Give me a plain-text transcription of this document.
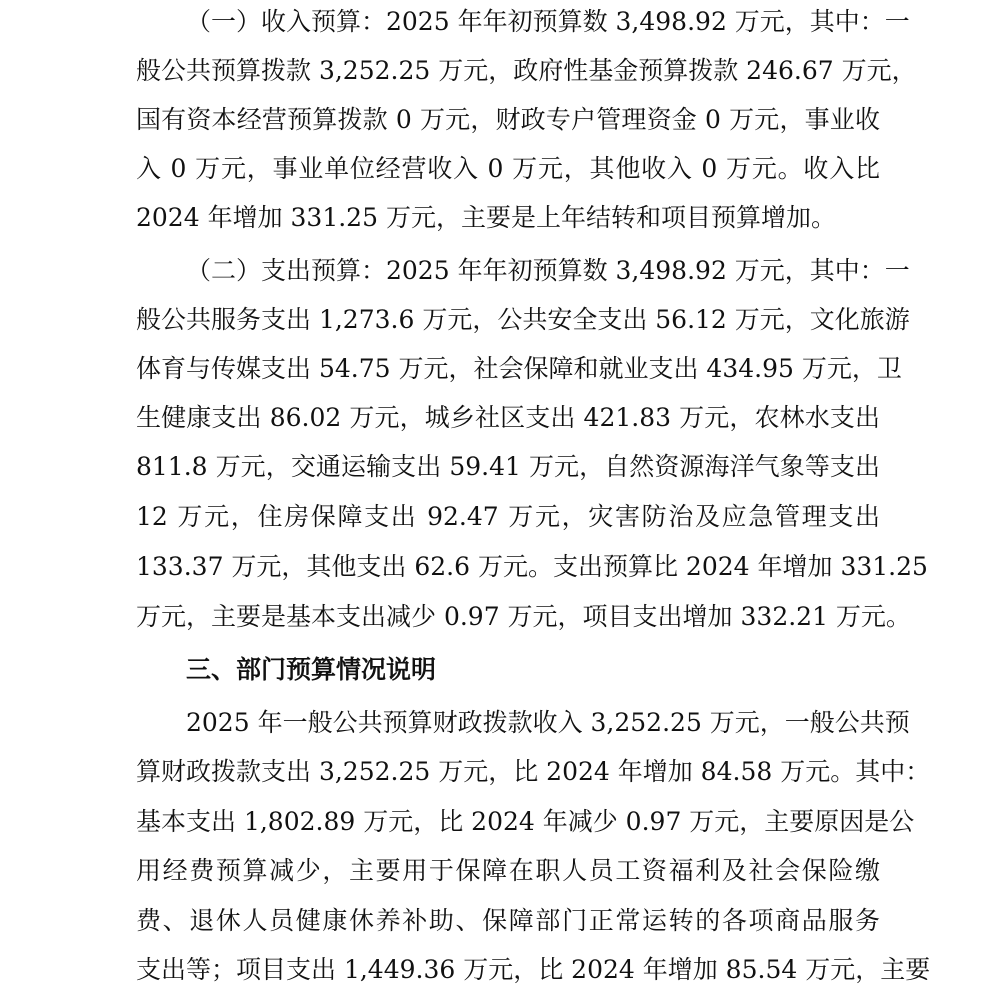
（一）收入预算：2025 年年初预算数 3,498.92 万元，其中：一
般公共预算拨款 3,252.25 万元，政府性基金预算拨款 246.67 万元，
国有资本经营预算拨款 0 万元，财政专户管理资金 0 万元，事业收
入 0 万元，事业单位经营收入 0 万元，其他收入 0 万元。收入比
2024 年增加 331.25 万元，主要是上年结转和项目预算增加。
（二）支出预算：2025 年年初预算数 3,498.92 万元，其中：一
般公共服务支出 1,273.6 万元，公共安全支出 56.12 万元，文化旅游
体育与传媒支出 54.75 万元，社会保障和就业支出 434.95 万元，卫
生健康支出 86.02 万元，城乡社区支出 421.83 万元，农林水支出
811.8 万元，交通运输支出 59.41 万元，自然资源海洋气象等支出
12 万元，住房保障支出 92.47 万元，灾害防治及应急管理支出
133.37 万元，其他支出 62.6 万元。支出预算比 2024 年增加 331.25
万元，主要是基本支出减少 0.97 万元，项目支出增加 332.21 万元。
三、部门预算情况说明
2025 年一般公共预算财政拨款收入 3,252.25 万元，一般公共预
算财政拨款支出 3,252.25 万元，比 2024 年增加 84.58 万元。其中：
基本支出 1,802.89 万元，比 2024 年减少 0.97 万元，主要原因是公
用经费预算减少，主要用于保障在职人员工资福利及社会保险缴
费、退休人员健康休养补助、保障部门正常运转的各项商品服务
支出等；项目支出 1,449.36 万元，比 2024 年增加 85.54 万元，主要
